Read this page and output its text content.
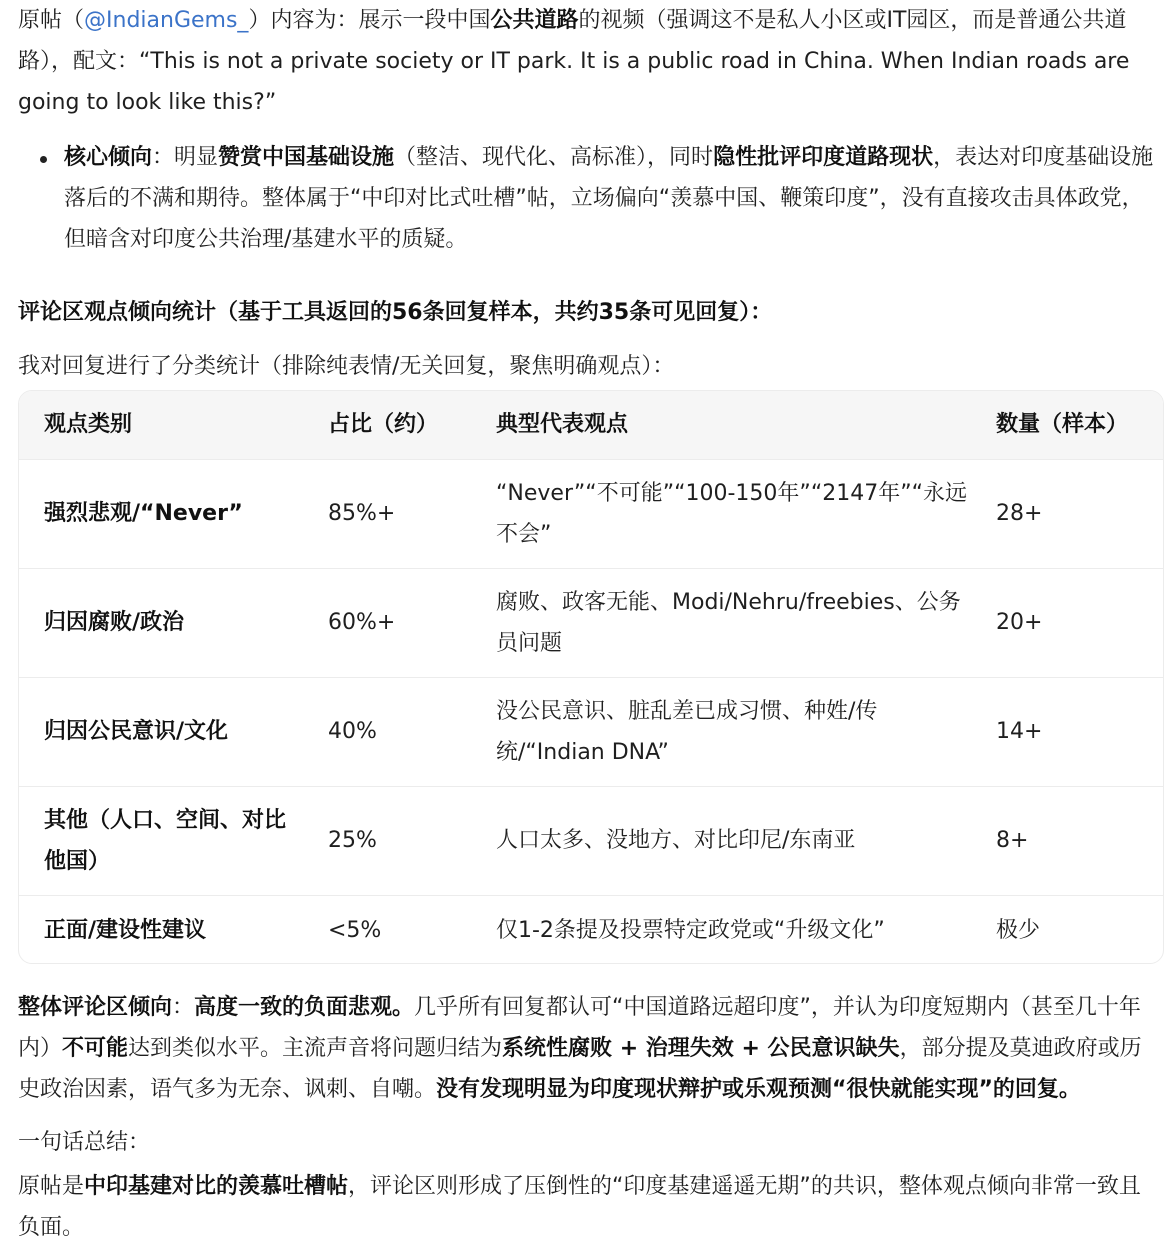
原帖（@IndianGems_）内容为：展示一段中国公共道路的视频（强调这不是私人小区或IT园区，而是普通公共道路），配文：“This is not a private society or IT park. It is a public road in China. When Indian roads are going to look like this?”

核心倾向：明显赞赏中国基础设施（整洁、现代化、高标准），同时隐性批评印度道路现状，表达对印度基础设施落后的不满和期待。整体属于“中印对比式吐槽”帖，立场偏向“羡慕中国、鞭策印度”，没有直接攻击具体政党，但暗含对印度公共治理/基建水平的质疑。

评论区观点倾向统计（基于工具返回的56条回复样本，共约35条可见回复）：

我对回复进行了分类统计（排除纯表情/无关回复，聚焦明确观点）：

观点类别	占比（约）	典型代表观点	数量（样本）
强烈悲观/“Never”	85%+	“Never”“不可能”“100-150年”“2147年”“永远不会”	28+
归因腐败/政治	60%+	腐败、政客无能、Modi/Nehru/freebies、公务员问题	20+
归因公民意识/文化	40%	没公民意识、脏乱差已成习惯、种姓/传统/“Indian DNA”	14+
其他（人口、空间、对比他国）	25%	人口太多、没地方、对比印尼/东南亚	8+
正面/建设性建议	<5%	仅1-2条提及投票特定政党或“升级文化”	极少

整体评论区倾向：高度一致的负面悲观。几乎所有回复都认可“中国道路远超印度”，并认为印度短期内（甚至几十年内）不可能达到类似水平。主流声音将问题归结为系统性腐败 + 治理失效 + 公民意识缺失，部分提及莫迪政府或历史政治因素，语气多为无奈、讽刺、自嘲。没有发现明显为印度现状辩护或乐观预测“很快就能实现”的回复。

一句话总结：

原帖是中印基建对比的羡慕吐槽帖，评论区则形成了压倒性的“印度基建遥遥无期”的共识，整体观点倾向非常一致且负面。
